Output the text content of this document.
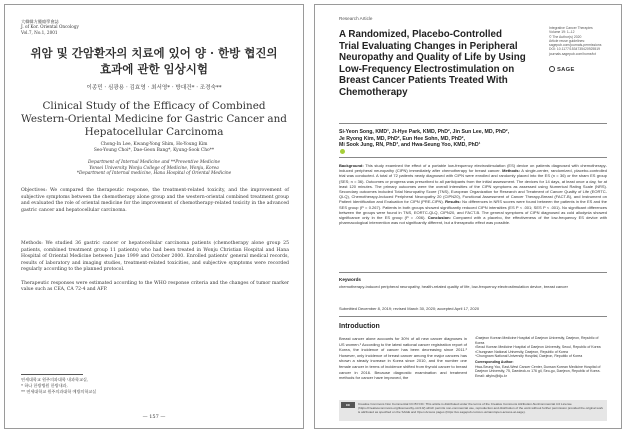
大韓韓方腫瘍學會誌
J. of Kor. Oriental Oncology
Vol.7, No.1, 2001
위암 및 간암환자의 치료에 있어 양 · 한방 협진의
효과에 관한 임상시험
이종민 · 심광용 · 김효영 · 최서영* · 방대건* · 조경숙**
Clinical Study of the Efficacy of Combined
Western-Oriental Medicine for Gastric Cancer and
Hepatocellular Carcinoma
Chong-In Lee, Kwang-Yong Shim, Ho-Young Kim
Seo-Young Choi*, Dae-Geon Bang*, Kyung-Sook Cho**
Department of Internal Medicine and **Preventive Medicine
Yonsei University Wonju College of Medicine, Wonju, Korea
*Department of Internal medicine, Hana Hospital of Oriental Medicine
Objectives: We compared the therapeutic response, the treatment-related toxicity, and the improvement of subjective symptoms between the chemotherapy alone group and the western-oriental combined treatment group and evaluated the role of oriental medicine for the improvement of chemotherapy-related toxicity in the advanced gastric cancer and hepatocellular carcinoma.
Methods: We studied 36 gastric cancer or hepatocellular carcinoma patients (chemotherapy alone group 25 patients, combined treatment group 11 patients) who had been treated in Wonju Christian Hospital and Hana Hospital of Oriental Medicine between June 1999 and October 2000. Enrolled patients' general medical records, results of laboratory and imaging studies, treatment-related toxicities, and subjective symptoms were recorded regularly according to the planned protocol.

Therapeutic responses were estimated according to the WHO response criteria and the changes of tumor marker value such as CEA, CA 72-4 and AFP.
연세대학교 원주의과대학 내과학교실,
* 하나 한방병원 한방내과,
** 연세대학교 원주의과대학 예방의학교실
— 157 —
Research Article
A Randomized, Placebo-Controlled
Trial Evaluating Changes in Peripheral
Neuropathy and Quality of Life by Using
Low-Frequency Electrostimulation on
Breast Cancer Patients Treated With
Chemotherapy
Integrative Cancer Therapies
Volume 19: 1–12
© The Author(s) 2020
Article reuse guidelines:
sagepub.com/journals-permissions
DOI: 10.1177/1534735420925519
journals.sagepub.com/home/ict
SAGE
Si-Yeon Song, KMD¹, Ji-Hye Park, KMD, PhD², Jin Sun Lee, MD, PhD²,
Je Ryong Kim, MD, PhD², Eun Hee Sohn, MD, PhD²,
Mi Sook Jung, RN, PhD³, and Hwa-Seung Yoo, KMD, PhD¹
Background: This study examined the effect of a portable low-frequency electrostimulation (ES) device on patients diagnosed with chemotherapy-induced peripheral neuropathy (CIPN) immediately after chemotherapy for breast cancer. Methods: A single-center, randomized, placebo-controlled trial was conducted. A total of 72 patients newly diagnosed with CIPN were enrolled and randomly placed into the ES (n = 36) or the sham ES group (SES; n = 36). Outcomes or progress was prescribed to all participants from the initial assessment. The devices for 14 days, at least once a day, for at least 120 minutes. The primary outcomes were the overall intensities of the CIPN symptoms as assessed using Numerical Rating Scale (NRS). Secondary outcomes included Total Neuropathy Score (TNS), European Organization for Research and Treatment of Cancer Quality of Life (EORTC-QLQ), Chemotherapy-Induced Peripheral Neuropathy 20 (CIPN20), Functional Assessment of Cancer Therapy-Breast (FACT-B), and Instrument on Patient Identification and Evaluation for CIPN (PRE-CIPN). Results: No differences in NRS scores were found between the patients in the ES and the SES group (P = 0.267). Patients in both groups showed significantly reduced CIPN intensities (ES P < .001; SES P < .001). No significant differences between the groups were found in TNS, EORTC-QLQ, CIPN20, and FACT-B. The general symptoms of CIPN diagnosed as cold allodynia showed significance only in the ES group (P = .006). Conclusion: Compared with a placebo, the effectiveness of the low-frequency ES device with pharmacological intervention was not significantly different, but a therapeutic effect was possible.
Keywords
chemotherapy-induced peripheral neuropathy, health-related quality of life, low-frequency electrostimulation device, breast cancer
Submitted December 8, 2019; revised March 30, 2020; accepted April 17, 2020
Introduction
Breast cancer alone accounts for 30% of all new cancer diagnoses in US women.¹ According to the latest national cancer registration report of Korea, the incidence of cancer has been decreasing since 2011.² However, only incidence of breast cancer among the major cancers has shown a steady increase in Korea since 2010, and the number one female cancer in terms of incidence shifted from thyroid cancer to breast cancer in 2016. Because diagnostic examination and treatment methods for cancer have improved, the
¹Daejeon Korean Medicine Hospital of Daejeon University, Daejeon, Republic of Korea
²Seoul Korean Medicine Hospital of Daejeon University, Seoul, Republic of Korea
³Chungnam National University, Daejeon, Republic of Korea
⁴Chungnam National University Hospital, Daejeon, Republic of Korea
Corresponding Author:
Hwa-Seung Yoo, East-West Cancer Center, Dunsan Korean Medicine Hospital of Daejeon University, 75, Daedeok-ro 176 gil, Seo-gu, Daejeon, Republic of Korea.
Email: altyhs@dju.kr
cc	Creative Commons Non Commercial CC BY-NC: This article is distributed under the terms of the Creative Commons Attribution-NonCommercial 4.0 License (https://creativecommons.org/licenses/by-nc/4.0/) which permits non-commercial use, reproduction and distribution of the work without further permission provided the original work is attributed as specified on the SAGE and Open Access pages (https://us.sagepub.com/en-us/nam/open-access-at-sage).
